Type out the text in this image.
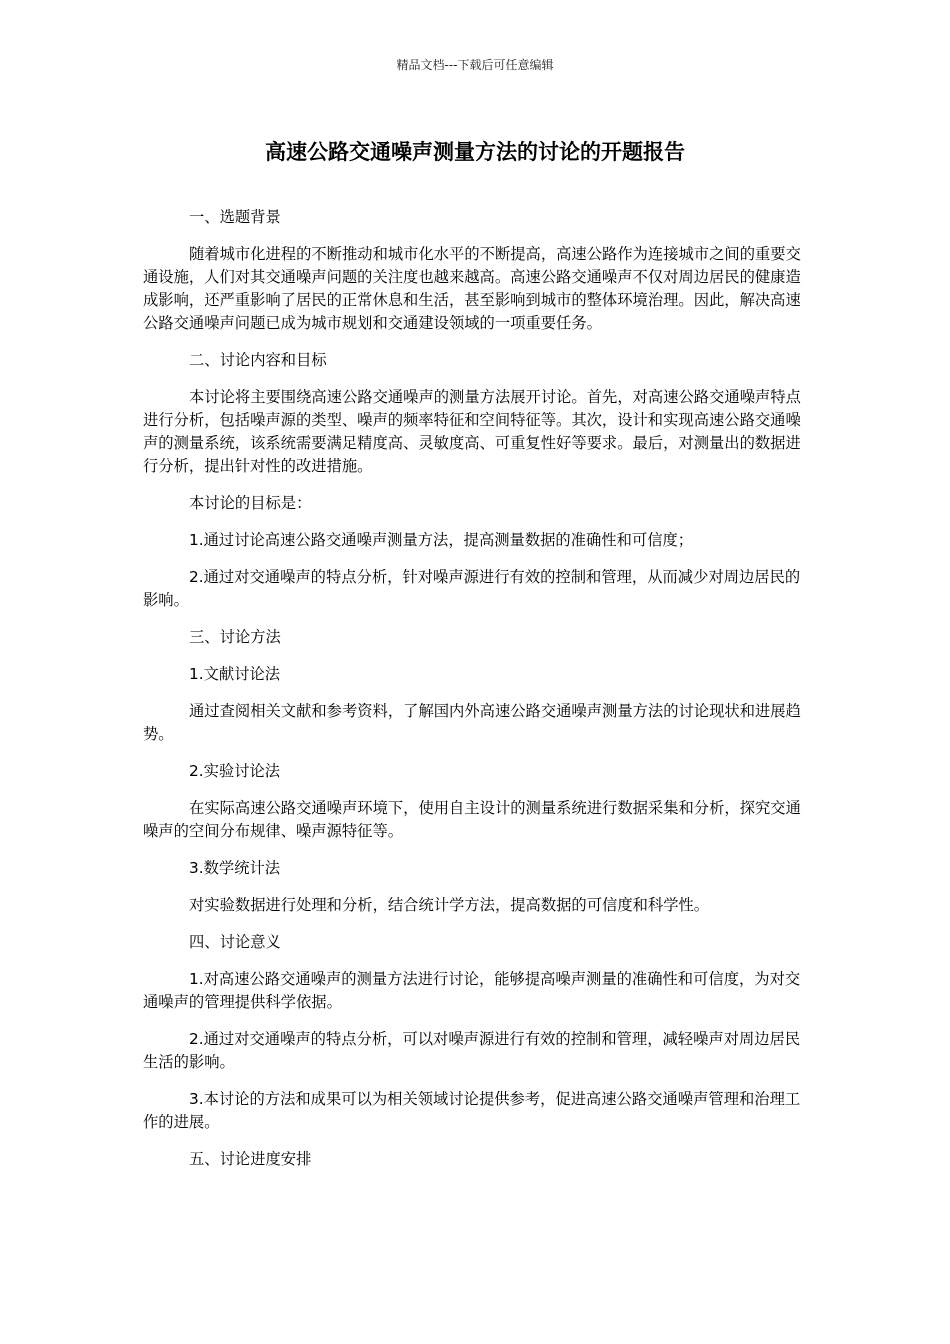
精品文档---下载后可任意编辑
高速公路交通噪声测量方法的讨论的开题报告

一、选题背景

随着城市化进程的不断推动和城市化水平的不断提高，高速公路作为连接城市之间的重要交通设施，人们对其交通噪声问题的关注度也越来越高。高速公路交通噪声不仅对周边居民的健康造成影响，还严重影响了居民的正常休息和生活，甚至影响到城市的整体环境治理。因此，解决高速公路交通噪声问题已成为城市规划和交通建设领域的一项重要任务。

二、讨论内容和目标

本讨论将主要围绕高速公路交通噪声的测量方法展开讨论。首先，对高速公路交通噪声特点进行分析，包括噪声源的类型、噪声的频率特征和空间特征等。其次，设计和实现高速公路交通噪声的测量系统，该系统需要满足精度高、灵敏度高、可重复性好等要求。最后，对测量出的数据进行分析，提出针对性的改进措施。

本讨论的目标是：

1.通过讨论高速公路交通噪声测量方法，提高测量数据的准确性和可信度；

2.通过对交通噪声的特点分析，针对噪声源进行有效的控制和管理，从而减少对周边居民的影响。

三、讨论方法

1.文献讨论法

通过查阅相关文献和参考资料，了解国内外高速公路交通噪声测量方法的讨论现状和进展趋势。

2.实验讨论法

在实际高速公路交通噪声环境下，使用自主设计的测量系统进行数据采集和分析，探究交通噪声的空间分布规律、噪声源特征等。

3.数学统计法

对实验数据进行处理和分析，结合统计学方法，提高数据的可信度和科学性。

四、讨论意义

1.对高速公路交通噪声的测量方法进行讨论，能够提高噪声测量的准确性和可信度，为对交通噪声的管理提供科学依据。

2.通过对交通噪声的特点分析，可以对噪声源进行有效的控制和管理，减轻噪声对周边居民生活的影响。

3.本讨论的方法和成果可以为相关领域讨论提供参考，促进高速公路交通噪声管理和治理工作的进展。

五、讨论进度安排
